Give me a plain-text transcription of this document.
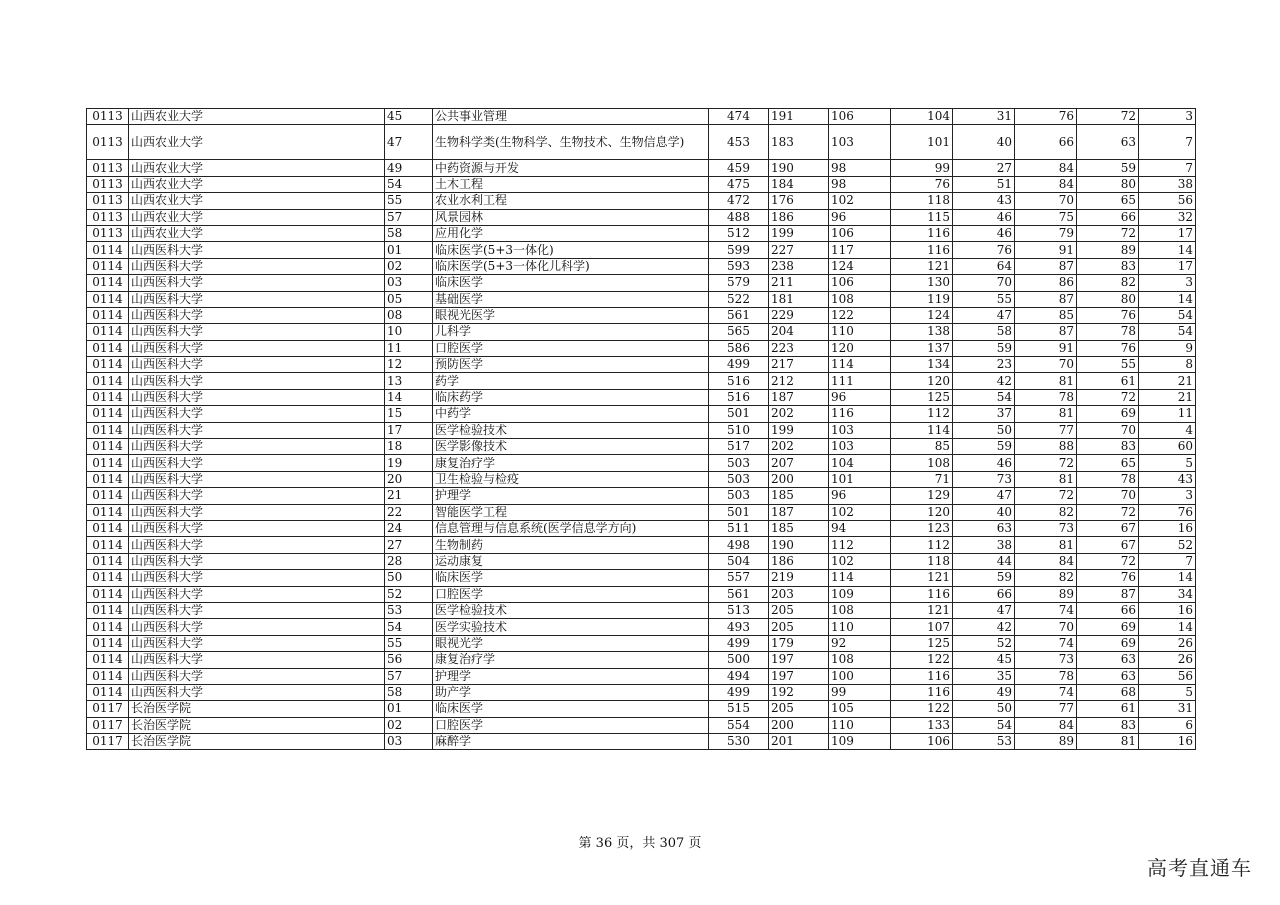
0113	山西农业大学	45	公共事业管理	474	191	106	104	31	76	72	3
0113	山西农业大学	47	生物科学类(生物科学、生物技术、生物信息学)	453	183	103	101	40	66	63	7
0113	山西农业大学	49	中药资源与开发	459	190	98	99	27	84	59	7
0113	山西农业大学	54	土木工程	475	184	98	76	51	84	80	38
0113	山西农业大学	55	农业水利工程	472	176	102	118	43	70	65	56
0113	山西农业大学	57	风景园林	488	186	96	115	46	75	66	32
0113	山西农业大学	58	应用化学	512	199	106	116	46	79	72	17
0114	山西医科大学	01	临床医学(5+3一体化)	599	227	117	116	76	91	89	14
0114	山西医科大学	02	临床医学(5+3一体化儿科学)	593	238	124	121	64	87	83	17
0114	山西医科大学	03	临床医学	579	211	106	130	70	86	82	3
0114	山西医科大学	05	基础医学	522	181	108	119	55	87	80	14
0114	山西医科大学	08	眼视光医学	561	229	122	124	47	85	76	54
0114	山西医科大学	10	儿科学	565	204	110	138	58	87	78	54
0114	山西医科大学	11	口腔医学	586	223	120	137	59	91	76	9
0114	山西医科大学	12	预防医学	499	217	114	134	23	70	55	8
0114	山西医科大学	13	药学	516	212	111	120	42	81	61	21
0114	山西医科大学	14	临床药学	516	187	96	125	54	78	72	21
0114	山西医科大学	15	中药学	501	202	116	112	37	81	69	11
0114	山西医科大学	17	医学检验技术	510	199	103	114	50	77	70	4
0114	山西医科大学	18	医学影像技术	517	202	103	85	59	88	83	60
0114	山西医科大学	19	康复治疗学	503	207	104	108	46	72	65	5
0114	山西医科大学	20	卫生检验与检疫	503	200	101	71	73	81	78	43
0114	山西医科大学	21	护理学	503	185	96	129	47	72	70	3
0114	山西医科大学	22	智能医学工程	501	187	102	120	40	82	72	76
0114	山西医科大学	24	信息管理与信息系统(医学信息学方向)	511	185	94	123	63	73	67	16
0114	山西医科大学	27	生物制药	498	190	112	112	38	81	67	52
0114	山西医科大学	28	运动康复	504	186	102	118	44	84	72	7
0114	山西医科大学	50	临床医学	557	219	114	121	59	82	76	14
0114	山西医科大学	52	口腔医学	561	203	109	116	66	89	87	34
0114	山西医科大学	53	医学检验技术	513	205	108	121	47	74	66	16
0114	山西医科大学	54	医学实验技术	493	205	110	107	42	70	69	14
0114	山西医科大学	55	眼视光学	499	179	92	125	52	74	69	26
0114	山西医科大学	56	康复治疗学	500	197	108	122	45	73	63	26
0114	山西医科大学	57	护理学	494	197	100	116	35	78	63	56
0114	山西医科大学	58	助产学	499	192	99	116	49	74	68	5
0117	长治医学院	01	临床医学	515	205	105	122	50	77	61	31
0117	长治医学院	02	口腔医学	554	200	110	133	54	84	83	6
0117	长治医学院	03	麻醉学	530	201	109	106	53	89	81	16
第 36 页，共 307 页
高考直通车
